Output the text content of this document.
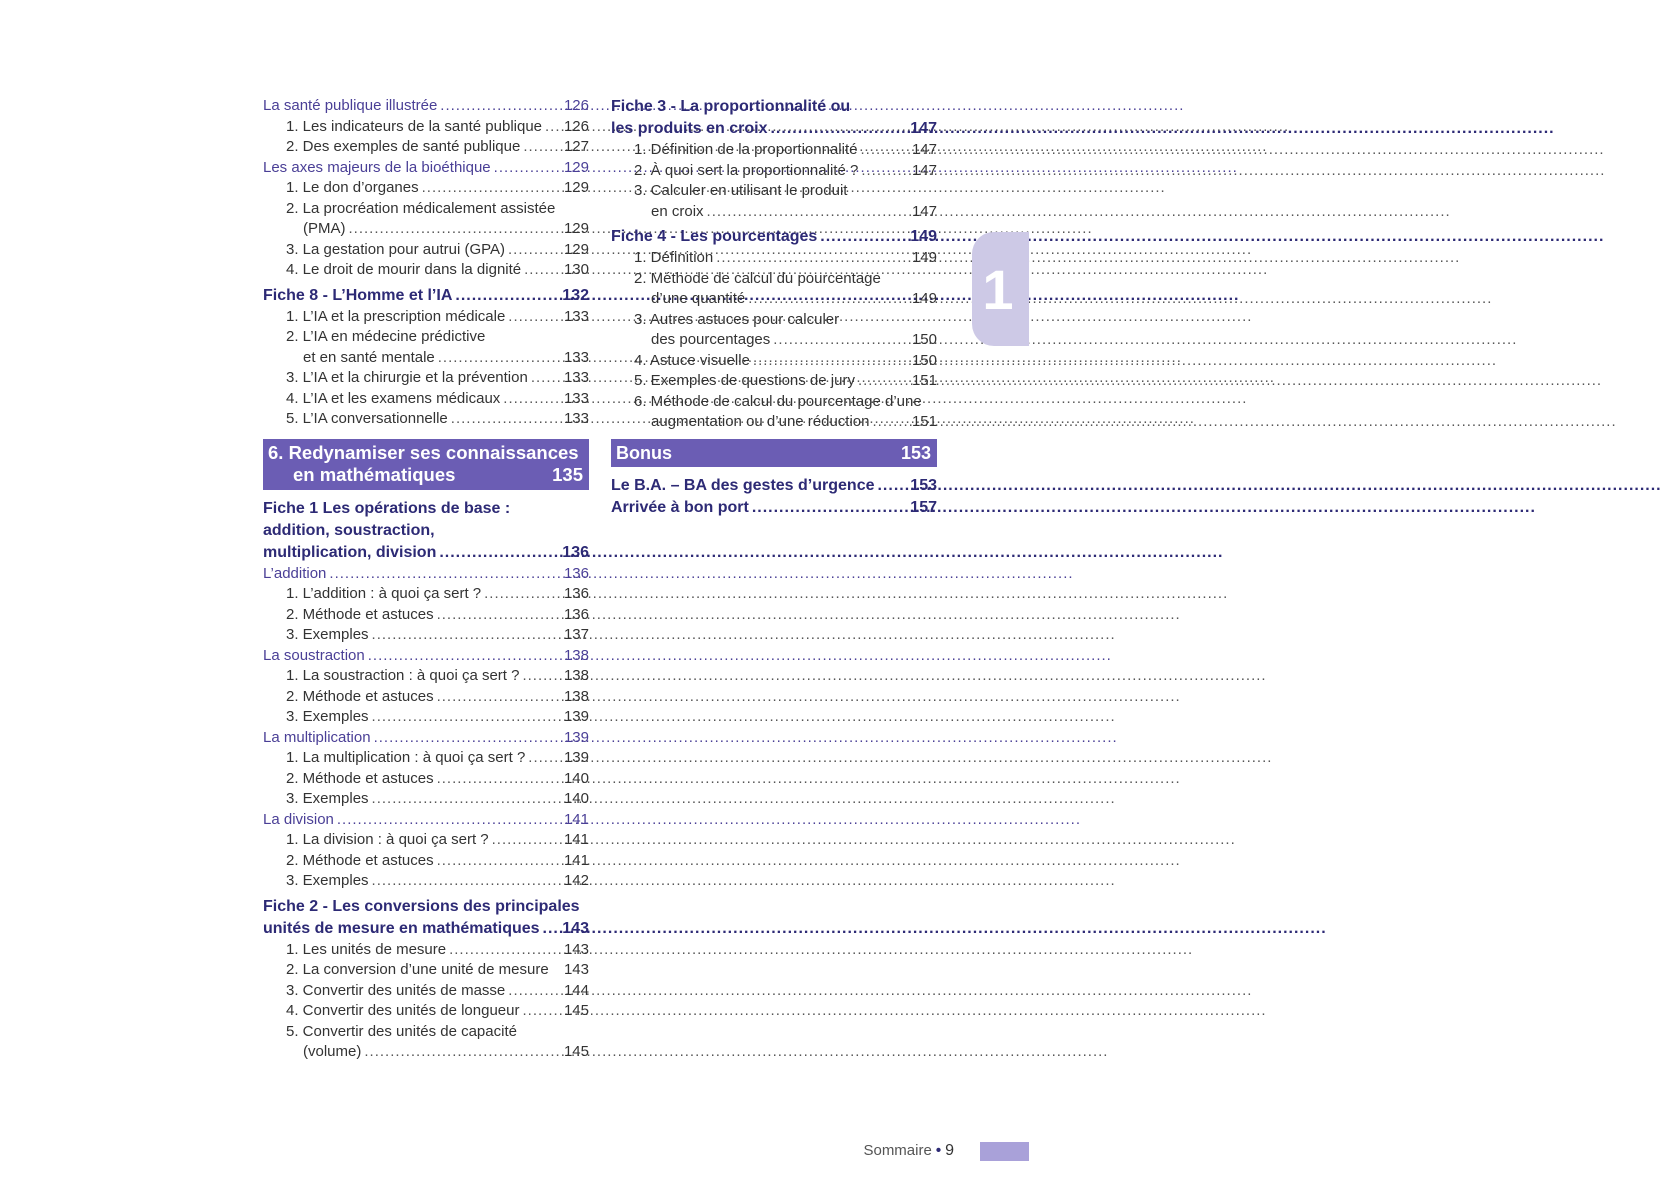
La santé publique illustrée .....	126
1. Les indicateurs de la santé publique ..... 126
2. Des exemples de santé publique .....	127
Les axes majeurs de la bioéthique .....	129
1. Le don d’organes .....	129
2. La procréation médicalement assistée
(PMA) .....	129
3. La gestation pour autrui (GPA) .....	129
4. Le droit de mourir dans la dignité .....	130
Fiche 8 - L’Homme et l’IA .....	132
1. L’IA et la prescription médicale .....	133
2. L’IA en médecine prédictive
et en santé mentale .....	133
3. L’IA et la chirurgie et la prévention ..... 133
4. L’IA et les examens médicaux .....	133
5. L’IA conversationnelle .....	133
6. Redynamiser ses connaissances
en mathématiques	135
Fiche 1 Les opérations de base :
addition, soustraction,
multiplication, division .....	136
L’addition .....	136
1. L’addition : à quoi ça sert ? .....	136
2. Méthode et astuces .....	136
3. Exemples .....	137
La soustraction .....	138
1. La soustraction : à quoi ça sert ? .....	138
2. Méthode et astuces .....	138
3. Exemples .....	139
La multiplication .....	139
1. La multiplication : à quoi ça sert ? .....	139
2. Méthode et astuces .....	140
3. Exemples .....	140
La division .....	141
1. La division : à quoi ça sert ? .....	141
2. Méthode et astuces .....	141
3. Exemples .....	142
Fiche 2 - Les conversions des principales
unités de mesure en mathématiques ..... 143
1. Les unités de mesure .....	143
2. La conversion d’une unité de mesure 143
3. Convertir des unités de masse .....	144
4. Convertir des unités de longueur .....	145
5. Convertir des unités de capacité
(volume) .....	145
Fiche 3 - La proportionnalité ou
les produits en croix .....	147
1. Définition de la proportionnalité .....	147
2. À quoi sert la proportionnalité ? .....	147
3. Calculer en utilisant le produit
en croix .....	147
Fiche 4 - Les pourcentages .....	149
1. Définition .....	149
2. Méthode de calcul du pourcentage
d’une quantité .....	149
3. Autres astuces pour calculer
des pourcentages .....	150
4. Astuce visuelle .....	150
5. Exemples de questions de jury .....	151
6. Méthode de calcul du pourcentage d’une
augmentation ou d’une réduction .....	151
Bonus	153
Le B.A. – BA des gestes d’urgence ..... 153
Arrivée à bon port .....	157
1
Sommaire • 9
